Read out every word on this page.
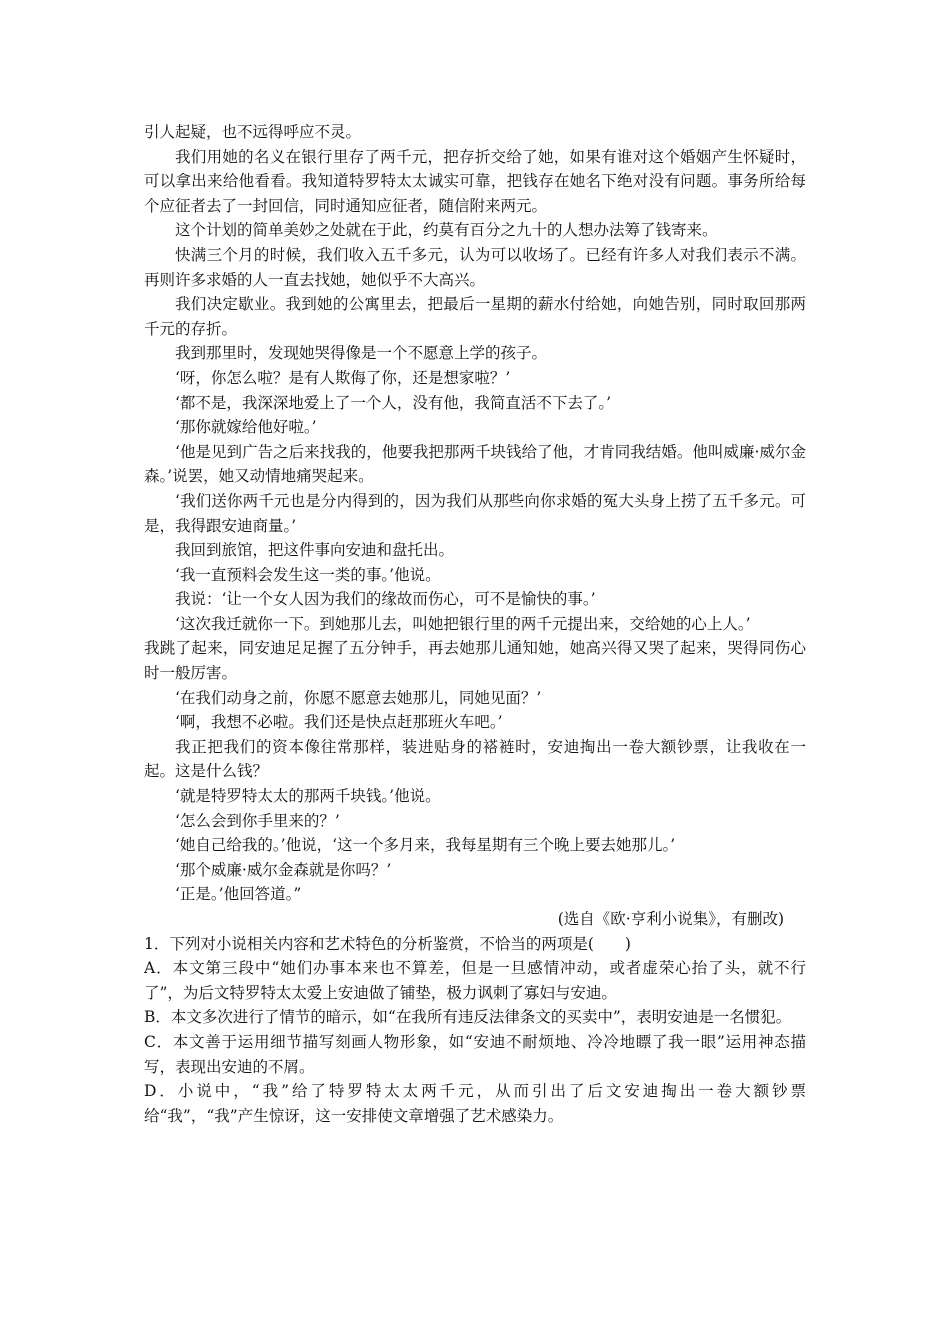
引人起疑，也不远得呼应不灵。

我们用她的名义在银行里存了两千元，把存折交给了她，如果有谁对这个婚姻产生怀疑时，可以拿出来给他看看。我知道特罗特太太诚实可靠，把钱存在她名下绝对没有问题。事务所给每个应征者去了一封回信，同时通知应征者，随信附来两元。

这个计划的简单美妙之处就在于此，约莫有百分之九十的人想办法筹了钱寄来。

快满三个月的时候，我们收入五千多元，认为可以收场了。已经有许多人对我们表示不满。再则许多求婚的人一直去找她，她似乎不大高兴。

我们决定歇业。我到她的公寓里去，把最后一星期的薪水付给她，向她告别，同时取回那两千元的存折。

我到那里时，发现她哭得像是一个不愿意上学的孩子。

‘呀，你怎么啦？是有人欺侮了你，还是想家啦？’

‘都不是，我深深地爱上了一个人，没有他，我简直活不下去了。’

‘那你就嫁给他好啦。’

‘他是见到广告之后来找我的，他要我把那两千块钱给了他，才肯同我结婚。他叫威廉·威尔金森。’说罢，她又动情地痛哭起来。

‘我们送你两千元也是分内得到的，因为我们从那些向你求婚的冤大头身上捞了五千多元。可是，我得跟安迪商量。’

我回到旅馆，把这件事向安迪和盘托出。

‘我一直预料会发生这一类的事。’他说。

我说：‘让一个女人因为我们的缘故而伤心，可不是愉快的事。’

‘这次我迁就你一下。到她那儿去，叫她把银行里的两千元提出来，交给她的心上人。’

我跳了起来，同安迪足足握了五分钟手，再去她那儿通知她，她高兴得又哭了起来，哭得同伤心时一般厉害。

‘在我们动身之前，你愿不愿意去她那儿，同她见面？’

‘啊，我想不必啦。我们还是快点赶那班火车吧。’

我正把我们的资本像往常那样，装进贴身的褡裢时，安迪掏出一卷大额钞票，让我收在一起。这是什么钱？

‘就是特罗特太太的那两千块钱。’他说。

‘怎么会到你手里来的？’

‘她自己给我的。’他说，‘这一个多月来，我每星期有三个晚上要去她那儿。’

‘那个威廉·威尔金森就是你吗？’

‘正是。’他回答道。”

(选自《欧·亨利小说集》，有删改)

1．下列对小说相关内容和艺术特色的分析鉴赏，不恰当的两项是(　　)

A．本文第三段中“她们办事本来也不算差，但是一旦感情冲动，或者虚荣心抬了头，就不行了”，为后文特罗特太太爱上安迪做了铺垫，极力讽刺了寡妇与安迪。

B．本文多次进行了情节的暗示，如“在我所有违反法律条文的买卖中”，表明安迪是一名惯犯。

C．本文善于运用细节描写刻画人物形象，如“安迪不耐烦地、冷冷地瞟了我一眼”运用神态描写，表现出安迪的不屑。

D．小说中，“我”给了特罗特太太两千元，从而引出了后文安迪掏出一卷大额钞票给“我”，“我”产生惊讶，这一安排使文章增强了艺术感染力。
